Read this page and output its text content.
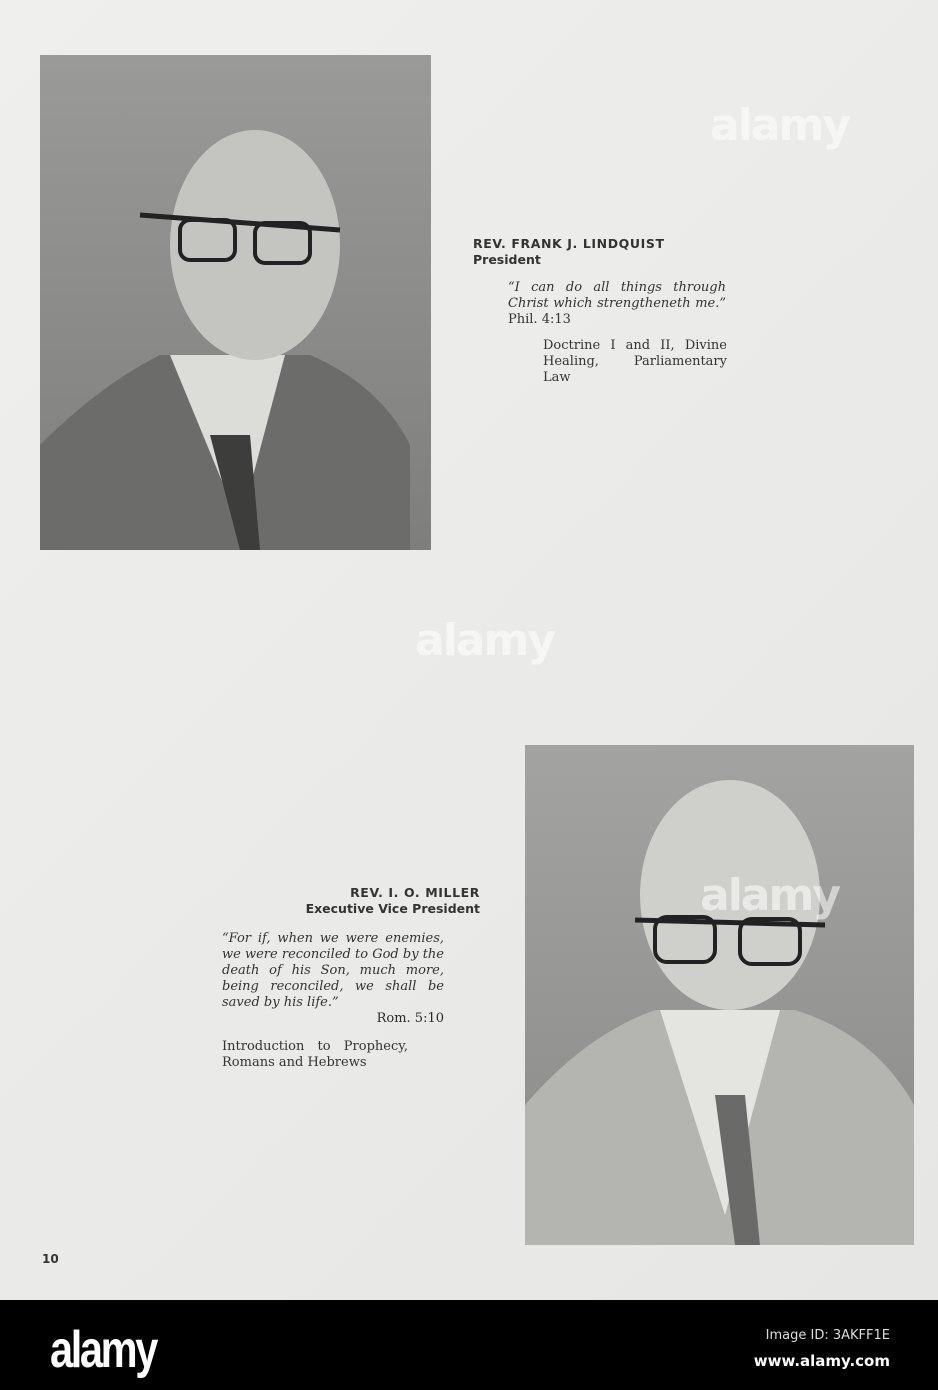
REV. FRANK J. LINDQUIST
President
“I can do all things through Christ which strengtheneth me.” Phil. 4:13
Doctrine I and II, Divine Healing, Parliamentary Law
REV. I. O. MILLER
Executive Vice President
“For if, when we were enemies, we were reconciled to God by the death of his Son, much more, being reconciled, we shall be saved by his life.”
Rom. 5:10
Introduction to Prophecy, Romans and Hebrews
10
alamy
alamy
alamy
alamy	Image ID: 3AKFF1E
www.alamy.com
